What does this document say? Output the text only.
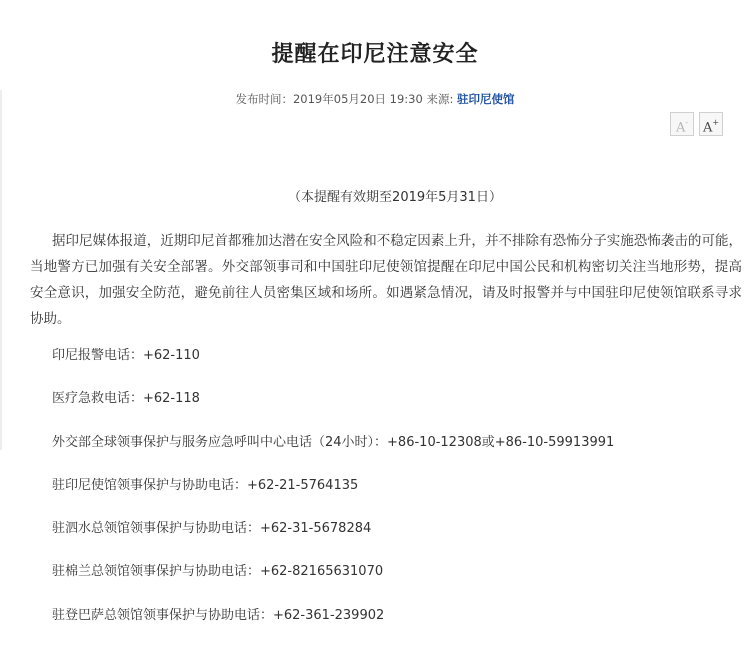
提醒在印尼注意安全
发布时间：2019年05月20日 19:30 来源: 驻印尼使馆
A-	A+
（本提醒有效期至2019年5月31日）

据印尼媒体报道，近期印尼首都雅加达潜在安全风险和不稳定因素上升，并不排除有恐怖分子实施恐怖袭击的可能，当地警方已加强有关安全部署。外交部领事司和中国驻印尼使领馆提醒在印尼中国公民和机构密切关注当地形势，提高安全意识，加强安全防范，避免前往人员密集区域和场所。如遇紧急情况，请及时报警并与中国驻印尼使领馆联系寻求协助。

印尼报警电话：+62-110
医疗急救电话：+62-118
外交部全球领事保护与服务应急呼叫中心电话（24小时）：+86-10-12308或+86-10-59913991
驻印尼使馆领事保护与协助电话：+62-21-5764135
驻泗水总领馆领事保护与协助电话：+62-31-5678284
驻棉兰总领馆领事保护与协助电话：+62-82165631070
驻登巴萨总领馆领事保护与协助电话：+62-361-239902
